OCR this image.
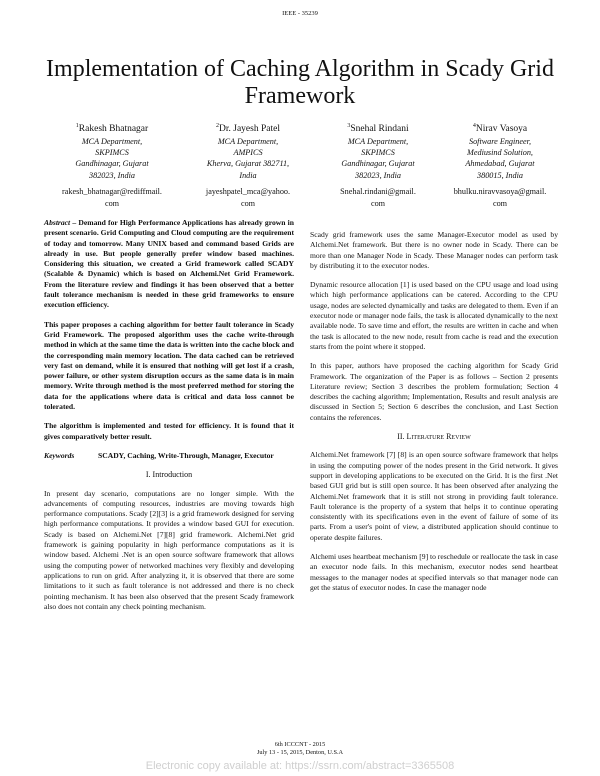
IEEE - 35239
Implementation of Caching Algorithm in Scady Grid Framework
$^1$Rakesh Bhatnagar
MCA Department,
SKPIMCS
Gandhinagar, Gujarat
382023, India
rakesh_bhatnagar@rediffmail.
com
$^2$Dr. Jayesh Patel
MCA Department,
AMPICS
Kherva, Gujarat 382711,
India
jayeshpatel_mca@yahoo.
com
$^3$Snehal Rindani
MCA Department,
SKPIMCS
Gandhinagar, Gujarat
382023, India
Snehal.rindani@gmail.
com
$^4$Nirav Vasoya
Software Engineer,
Mediusind Solution,
Ahmedabad, Gujarat
380015, India
bhulku.niravvasoya@gmail.
com

Abstract – Demand for High Performance Applications has already grown in present scenario. Grid Computing and Cloud computing are the requirement of today and tomorrow. Many UNIX based and command based Grids are already in use. But people generally prefer window based machines. Considering this situation, we created a Grid framework called SCADY (Scalable & Dynamic) which is based on Alchemi.Net Grid Framework. From the literature review and findings it has been observed that a better fault tolerance mechanism is needed in these grid frameworks to ensure execution efficiency.

This paper proposes a caching algorithm for better fault tolerance in Scady Grid Framework. The proposed algorithm uses the cache write-through method in which at the same time the data is written into the cache block and the corresponding main memory location. The data cached can be retrieved very fast on demand, while it is ensured that nothing will get lost if a crash, power failure, or other system disruption occurs as the same data is in main memory. Write through method is the most preferred method for storing the data for the applications where data is critical and data loss cannot be tolerated.

The algorithm is implemented and tested for efficiency. It is found that it gives comparatively better result.

Keywords	SCADY, Caching, Write-Through, Manager, Executor

I. Introduction

In present day scenario, computations are no longer simple. With the advancements of computing resources, industries are moving towards high performance computations. Scady [2][3] is a grid framework designed for serving high performance computations. It provides a window based GUI for execution. Scady is based on Alchemi.Net [7][8] grid framework. Alchemi.Net grid framework is gaining popularity in high performance computations as it is window based. Alchemi .Net is an open source software framework that allows using the computing power of networked machines very flexibly and developing applications to run on grid. After analyzing it, it is observed that there are some limitations to it such as fault tolerance is not addressed and there is no check pointing mechanism. It has been also observed that the present Scady framework also does not contain any check pointing mechanism.

Scady grid framework uses the same Manager-Executor model as used by Alchemi.Net framework. But there is no owner node in Scady. There can be more than one Manager Node in Scady. These Manager nodes can perform task by distributing it to the executor nodes.

Dynamic resource allocation [1] is used based on the CPU usage and load using which high performance applications can be catered. According to the CPU usage, nodes are selected dynamically and tasks are delegated to them. Even if an executor node or manager node fails, the task is allocated dynamically to the next available node. To save time and effort, the results are written in cache and when the task is allocated to the new node, result from cache is read and the execution starts from the point where it stopped.

In this paper, authors have proposed the caching algorithm for Scady Grid Framework. The organization of the Paper is as follows – Section 2 presents Literature review; Section 3 describes the problem formulation; Section 4 describes the caching algorithm; Implementation, Results and result analysis are discussed in Section 5; Section 6 describes the conclusion, and Last Section contains the references.

II. Literature Review

Alchemi.Net framework [7] [8] is an open source software framework that helps in using the computing power of the nodes present in the Grid network. It gives support in developing applications to be executed on the Grid. It is the first .Net based GUI grid but is still open source. It has been observed after analyzing the Alchemi.Net framework that it is still not strong in providing fault tolerance. Fault tolerance is the property of a system that helps it to continue operating consistently with its specifications even in the event of failure of some of its parts. From a user's point of view, a distributed application should continue to operate despite failures.

Alchemi uses heartbeat mechanism [9] to reschedule or reallocate the task in case an executor node fails. In this mechanism, executor nodes send heartbeat messages to the manager nodes at specified intervals so that manager node can get the status of executor nodes. In case the manager node

6th ICCCNT - 2015
July 13 - 15, 2015, Denton, U.S.A
Electronic copy available at: https://ssrn.com/abstract=3365508
